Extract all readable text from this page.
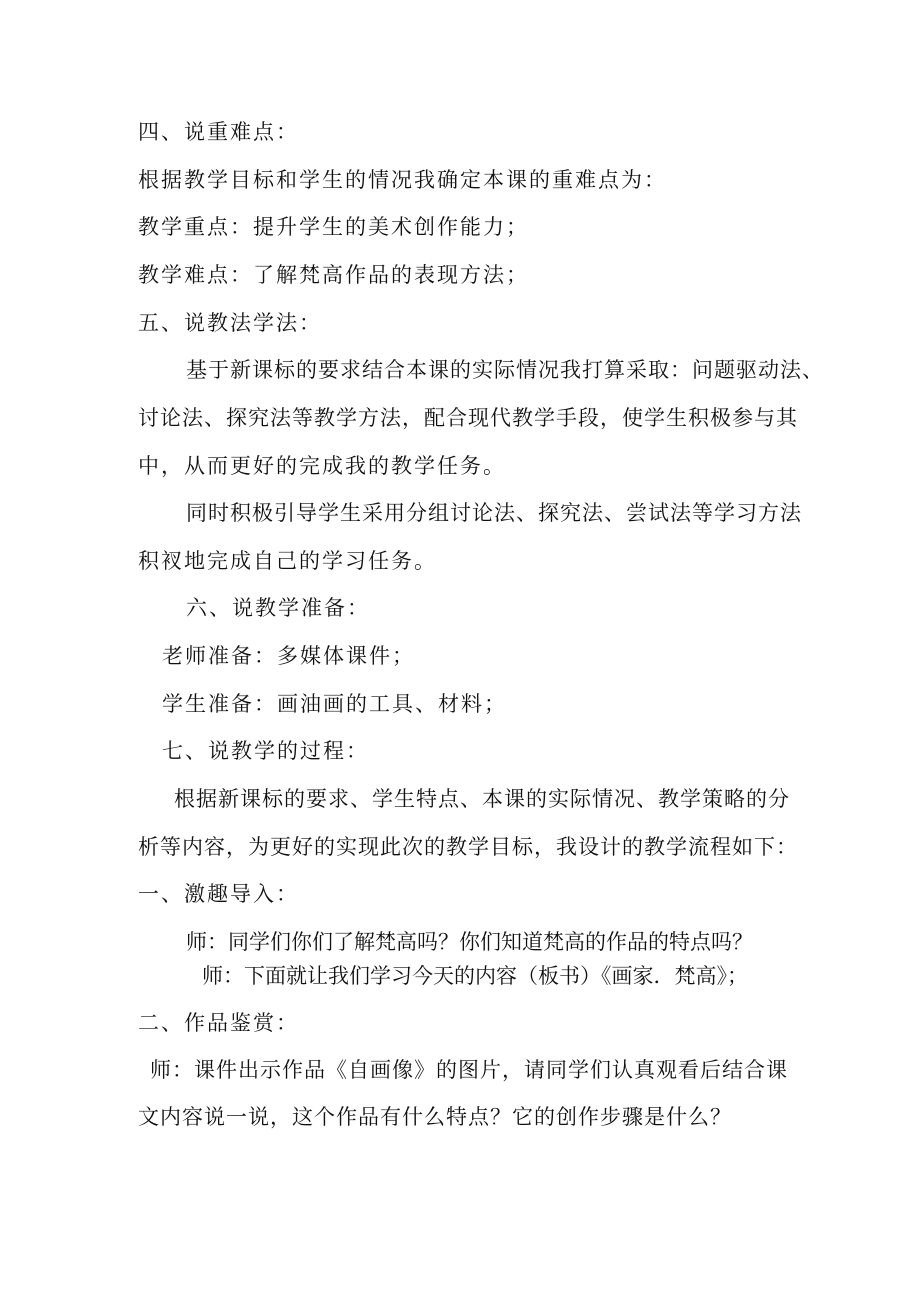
四、说重难点：
根据教学目标和学生的情况我确定本课的重难点为：
教学重点：提升学生的美术创作能力；
教学难点：了解梵高作品的表现方法；
五、说教法学法：
基于新课标的要求结合本课的实际情况我打算采取：问题驱动法、
讨论法、探究法等教学方法，配合现代教学手段，使学生积极参与其
中，从而更好的完成我的教学任务。
同时积极引导学生采用分组讨论法、探究法、尝试法等学习方法
积衩地完成自己的学习任务。
六、说教学准备：
老师准备：多媒体课件；
学生准备：画油画的工具、材料；
七、说教学的过程：
根据新课标的要求、学生特点、本课的实际情况、教学策略的分
析等内容，为更好的实现此次的教学目标，我设计的教学流程如下：
一、激趣导入：
师：同学们你们了解梵高吗？你们知道梵高的作品的特点吗？
师：下面就让我们学习今天的内容（板书）《画家．梵高》；
二、作品鉴赏：
师：课件出示作品《自画像》的图片，请同学们认真观看后结合课
文内容说一说，这个作品有什么特点？它的创作步骤是什么？
